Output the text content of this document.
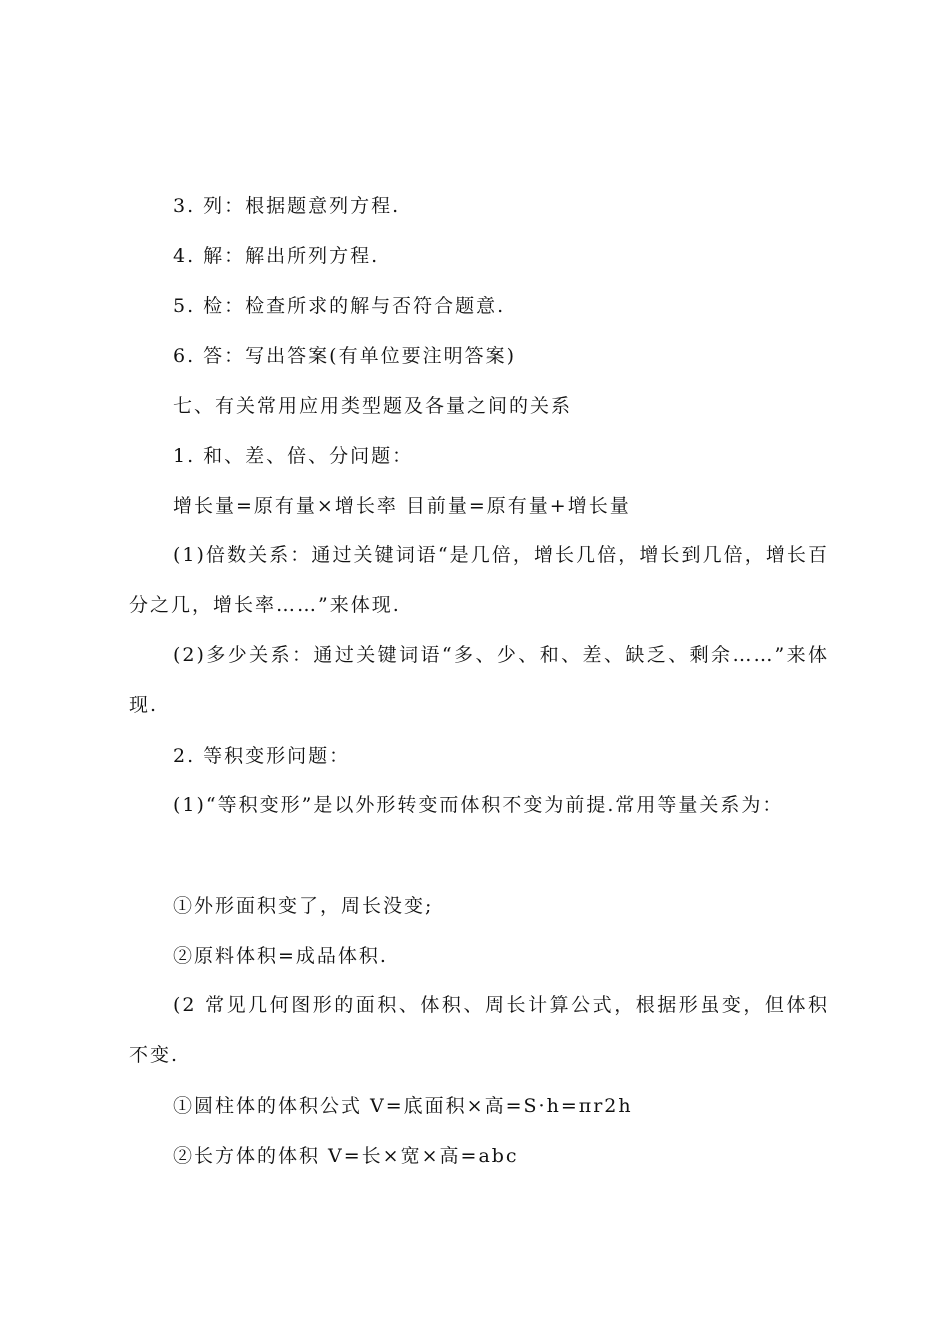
3. 列：根据题意列方程.
4. 解：解出所列方程.
5. 检：检查所求的解与否符合题意.
6. 答：写出答案(有单位要注明答案)
七、有关常用应用类型题及各量之间的关系
1. 和、差、倍、分问题：
增长量=原有量×增长率 目前量=原有量+增长量
(1)倍数关系：通过关键词语“是几倍，增长几倍，增长到几倍，增长百分之几，增长率……”来体现.
(2)多少关系：通过关键词语“多、少、和、差、缺乏、剩余……”来体现.
2. 等积变形问题：
(1)“等积变形”是以外形转变而体积不变为前提.常用等量关系为：
①外形面积变了，周长没变;
②原料体积=成品体积.
(2 常见几何图形的面积、体积、周长计算公式，根据形虽变，但体积不变.
①圆柱体的体积公式 V=底面积×高=S·h=πr2h
②长方体的体积 V=长×宽×高=abc
